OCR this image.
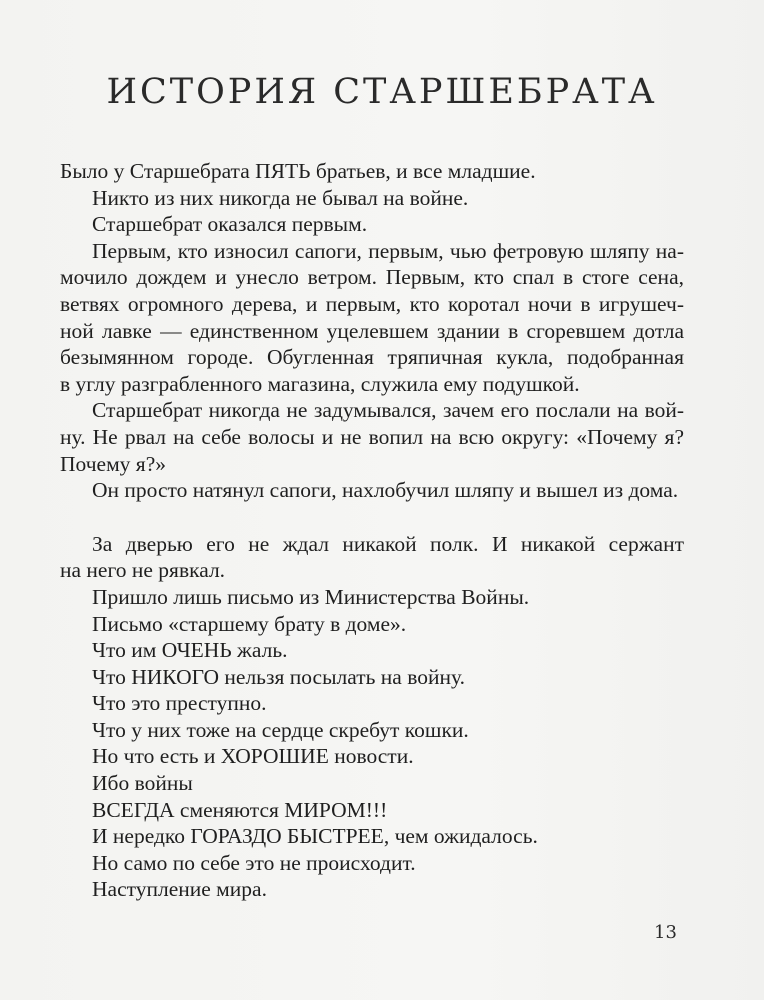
ИСТОРИЯ СТАРШЕБРАТА
Было у Старшебрата ПЯТЬ братьев, и все младшие.
Никто из них никогда не бывал на войне.
Старшебрат оказался первым.
Первым, кто износил сапоги, первым, чью фетровую шляпу на-
мочило дождем и унесло ветром. Первым, кто спал в стоге сена,
ветвях огромного дерева, и первым, кто коротал ночи в игрушеч-
ной лавке — единственном уцелевшем здании в сгоревшем дотла
безымянном городе. Обугленная тряпичная кукла, подобранная
в углу разграбленного магазина, служила ему подушкой.
Старшебрат никогда не задумывался, зачем его послали на вой-
ну. Не рвал на себе волосы и не вопил на всю округу: «Почему я?
Почему я?»
Он просто натянул сапоги, нахлобучил шляпу и вышел из дома.
За дверью его не ждал никакой полк. И никакой сержант
на него не рявкал.
Пришло лишь письмо из Министерства Войны.
Письмо «старшему брату в доме».
Что им ОЧЕНЬ жаль.
Что НИКОГО нельзя посылать на войну.
Что это преступно.
Что у них тоже на сердце скребут кошки.
Но что есть и ХОРОШИЕ новости.
Ибо войны
ВСЕГДА сменяются МИРОМ!!!
И нередко ГОРАЗДО БЫСТРЕЕ, чем ожидалось.
Но само по себе это не происходит.
Наступление мира.
13
